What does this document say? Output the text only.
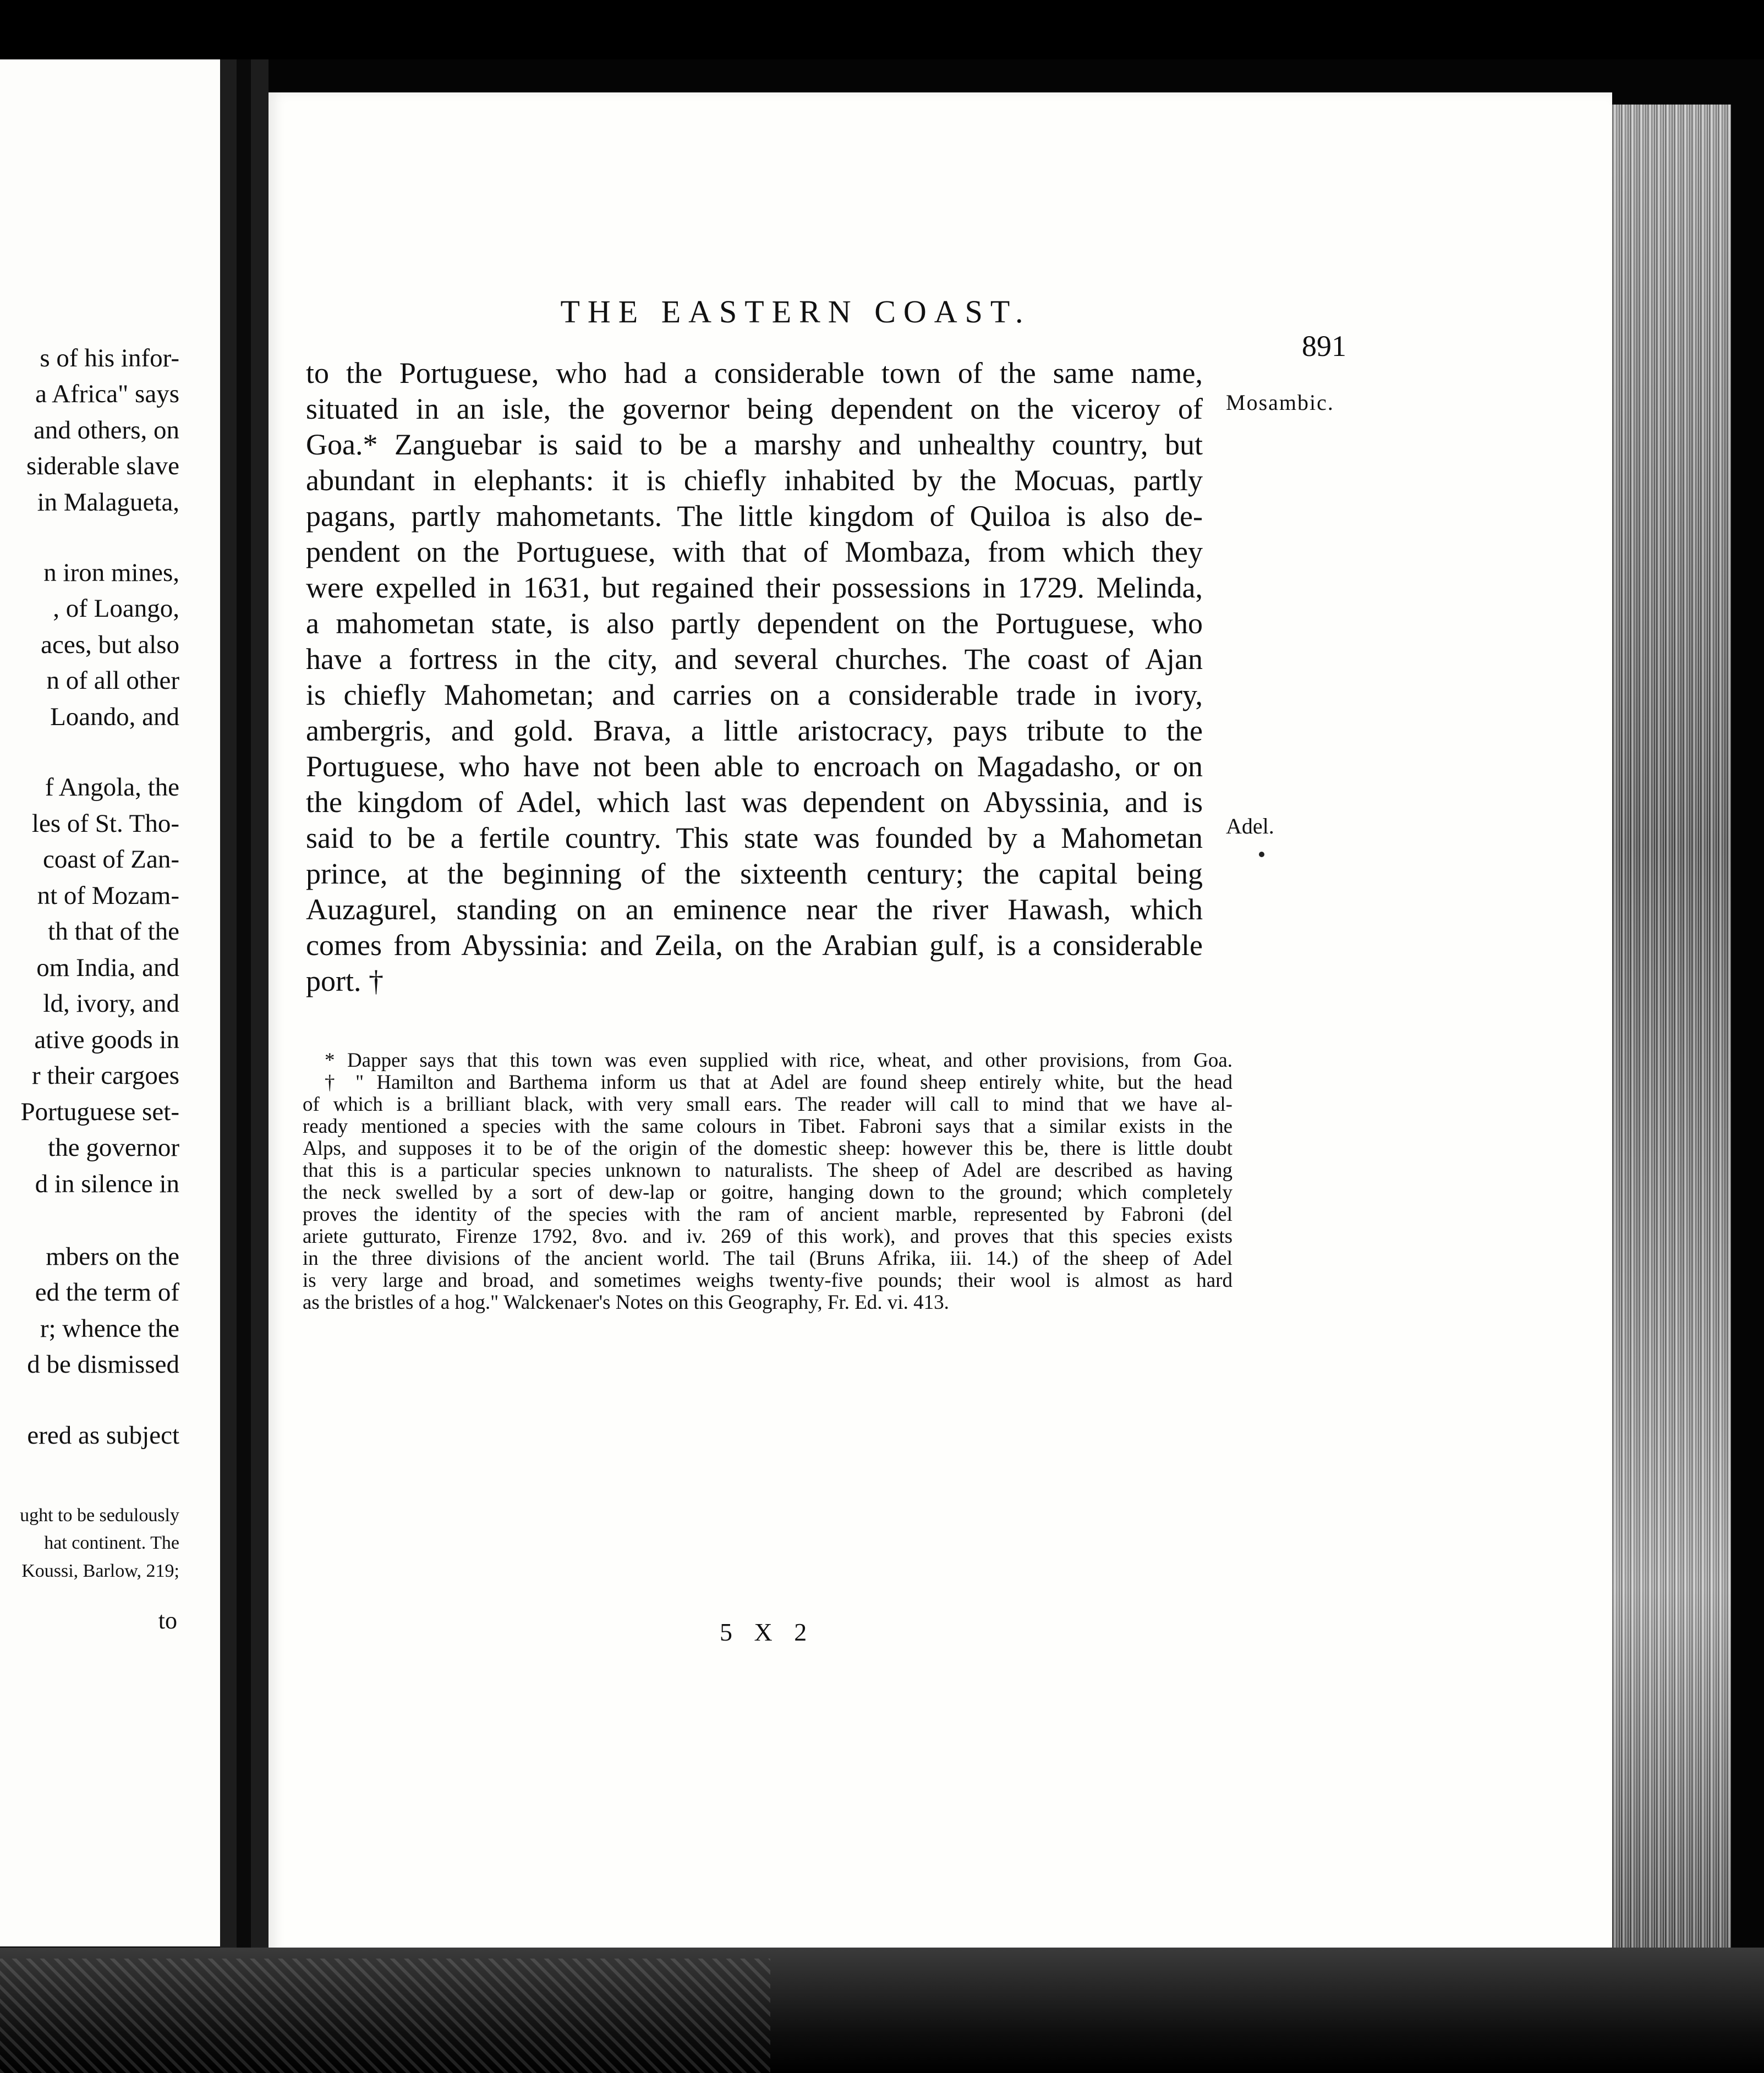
s of his infor-
a Africa" says
and others, on
siderable slave
in Malagueta,
n iron mines,
, of Loango,
aces, but also
n of all other
Loando, and
f Angola, the
les of St. Tho-
coast of Zan-
nt of Mozam-
th that of the
om India, and
ld, ivory, and
ative goods in
r their cargoes
Portuguese set-
the governor
d in silence in
mbers on the
ed the term of
r; whence the
d be dismissed
ered as subject
ught to be sedulously
hat continent. The
Koussi, Barlow, 219;
to
THE EASTERN COAST.
891
Mosambic.
Adel.
to the Portuguese, who had a considerable town of the same name,
situated in an isle, the governor being dependent on the viceroy of
Goa.* Zanguebar is said to be a marshy and unhealthy country, but
abundant in elephants: it is chiefly inhabited by the Mocuas, partly
pagans, partly mahometants. The little kingdom of Quiloa is also de-
pendent on the Portuguese, with that of Mombaza, from which they
were expelled in 1631, but regained their possessions in 1729. Melinda,
a mahometan state, is also partly dependent on the Portuguese, who
have a fortress in the city, and several churches. The coast of Ajan
is chiefly Mahometan; and carries on a considerable trade in ivory,
ambergris, and gold. Brava, a little aristocracy, pays tribute to the
Portuguese, who have not been able to encroach on Magadasho, or on
the kingdom of Adel, which last was dependent on Abyssinia, and is
said to be a fertile country. This state was founded by a Mahometan
prince, at the beginning of the sixteenth century; the capital being
Auzagurel, standing on an eminence near the river Hawash, which
comes from Abyssinia: and Zeila, on the Arabian gulf, is a considerable
port. †
* Dapper says that this town was even supplied with rice, wheat, and other provisions, from Goa.
† " Hamilton and Barthema inform us that at Adel are found sheep entirely white, but the head
of which is a brilliant black, with very small ears. The reader will call to mind that we have al-
ready mentioned a species with the same colours in Tibet. Fabroni says that a similar exists in the
Alps, and supposes it to be of the origin of the domestic sheep: however this be, there is little doubt
that this is a particular species unknown to naturalists. The sheep of Adel are described as having
the neck swelled by a sort of dew-lap or goitre, hanging down to the ground; which completely
proves the identity of the species with the ram of ancient marble, represented by Fabroni (del
ariete gutturato, Firenze 1792, 8vo. and iv. 269 of this work), and proves that this species exists
in the three divisions of the ancient world. The tail (Bruns Afrika, iii. 14.) of the sheep of Adel
is very large and broad, and sometimes weighs twenty-five pounds; their wool is almost as hard
as the bristles of a hog." Walckenaer's Notes on this Geography, Fr. Ed. vi. 413.
5 X 2
